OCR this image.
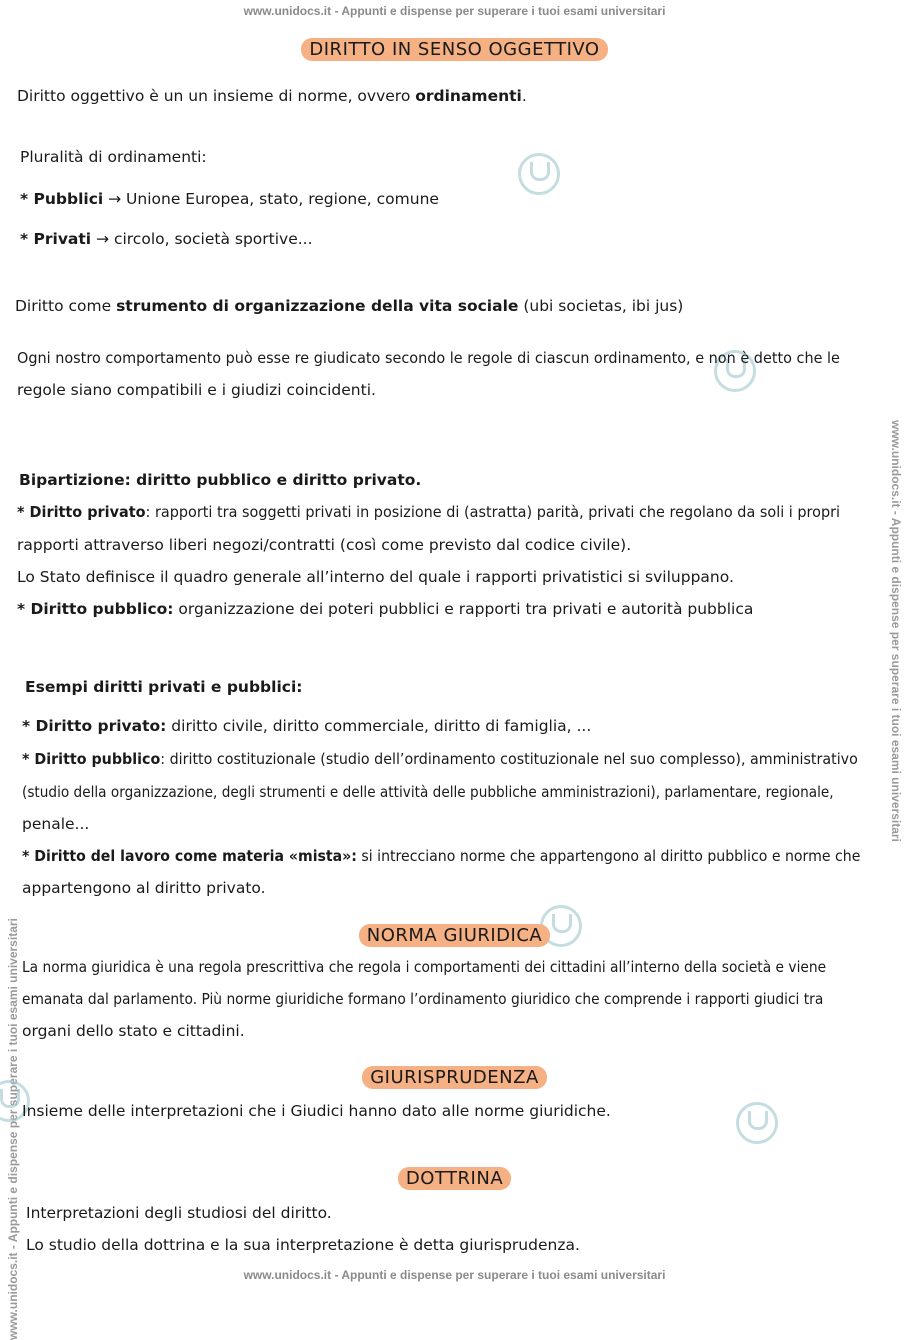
www.unidocs.it - Appunti e dispense per superare i tuoi esami universitari
www.unidocs.it - Appunti e dispense per superare i tuoi esami universitari
www.unidocs.it - Appunti e dispense per superare i tuoi esami universitari
www.unidocs.it - Appunti e dispense per superare i tuoi esami universitari
DIRITTO IN SENSO OGGETTIVO
Diritto oggettivo è un un insieme di norme, ovvero ordinamenti.
Pluralità di ordinamenti:
* Pubblici → Unione Europea, stato, regione, comune
* Privati → circolo, società sportive...
Diritto come strumento di organizzazione della vita sociale (ubi societas, ibi jus)
Ogni nostro comportamento può esse re giudicato secondo le regole di ciascun ordinamento, e non è detto che le
regole siano compatibili e i giudizi coincidenti.
Bipartizione: diritto pubblico e diritto privato.
* Diritto privato: rapporti tra soggetti privati in posizione di (astratta) parità, privati che regolano da soli i propri
rapporti attraverso liberi negozi/contratti (così come previsto dal codice civile).
Lo Stato definisce il quadro generale all’interno del quale i rapporti privatistici si sviluppano.
* Diritto pubblico: organizzazione dei poteri pubblici e rapporti tra privati e autorità pubblica
Esempi diritti privati e pubblici:
* Diritto privato: diritto civile, diritto commerciale, diritto di famiglia, ...
* Diritto pubblico: diritto costituzionale (studio dell’ordinamento costituzionale nel suo complesso), amministrativo
(studio della organizzazione, degli strumenti e delle attività delle pubbliche amministrazioni), parlamentare, regionale,
penale...
* Diritto del lavoro come materia «mista»: si intrecciano norme che appartengono al diritto pubblico e norme che
appartengono al diritto privato.
NORMA GIURIDICA
La norma giuridica è una regola prescrittiva che regola i comportamenti dei cittadini all’interno della società e viene
emanata dal parlamento. Più norme giuridiche formano l’ordinamento giuridico che comprende i rapporti giudici tra
organi dello stato e cittadini.
GIURISPRUDENZA
Insieme delle interpretazioni che i Giudici hanno dato alle norme giuridiche.
DOTTRINA
Interpretazioni degli studiosi del diritto.
Lo studio della dottrina e la sua interpretazione è detta giurisprudenza.
